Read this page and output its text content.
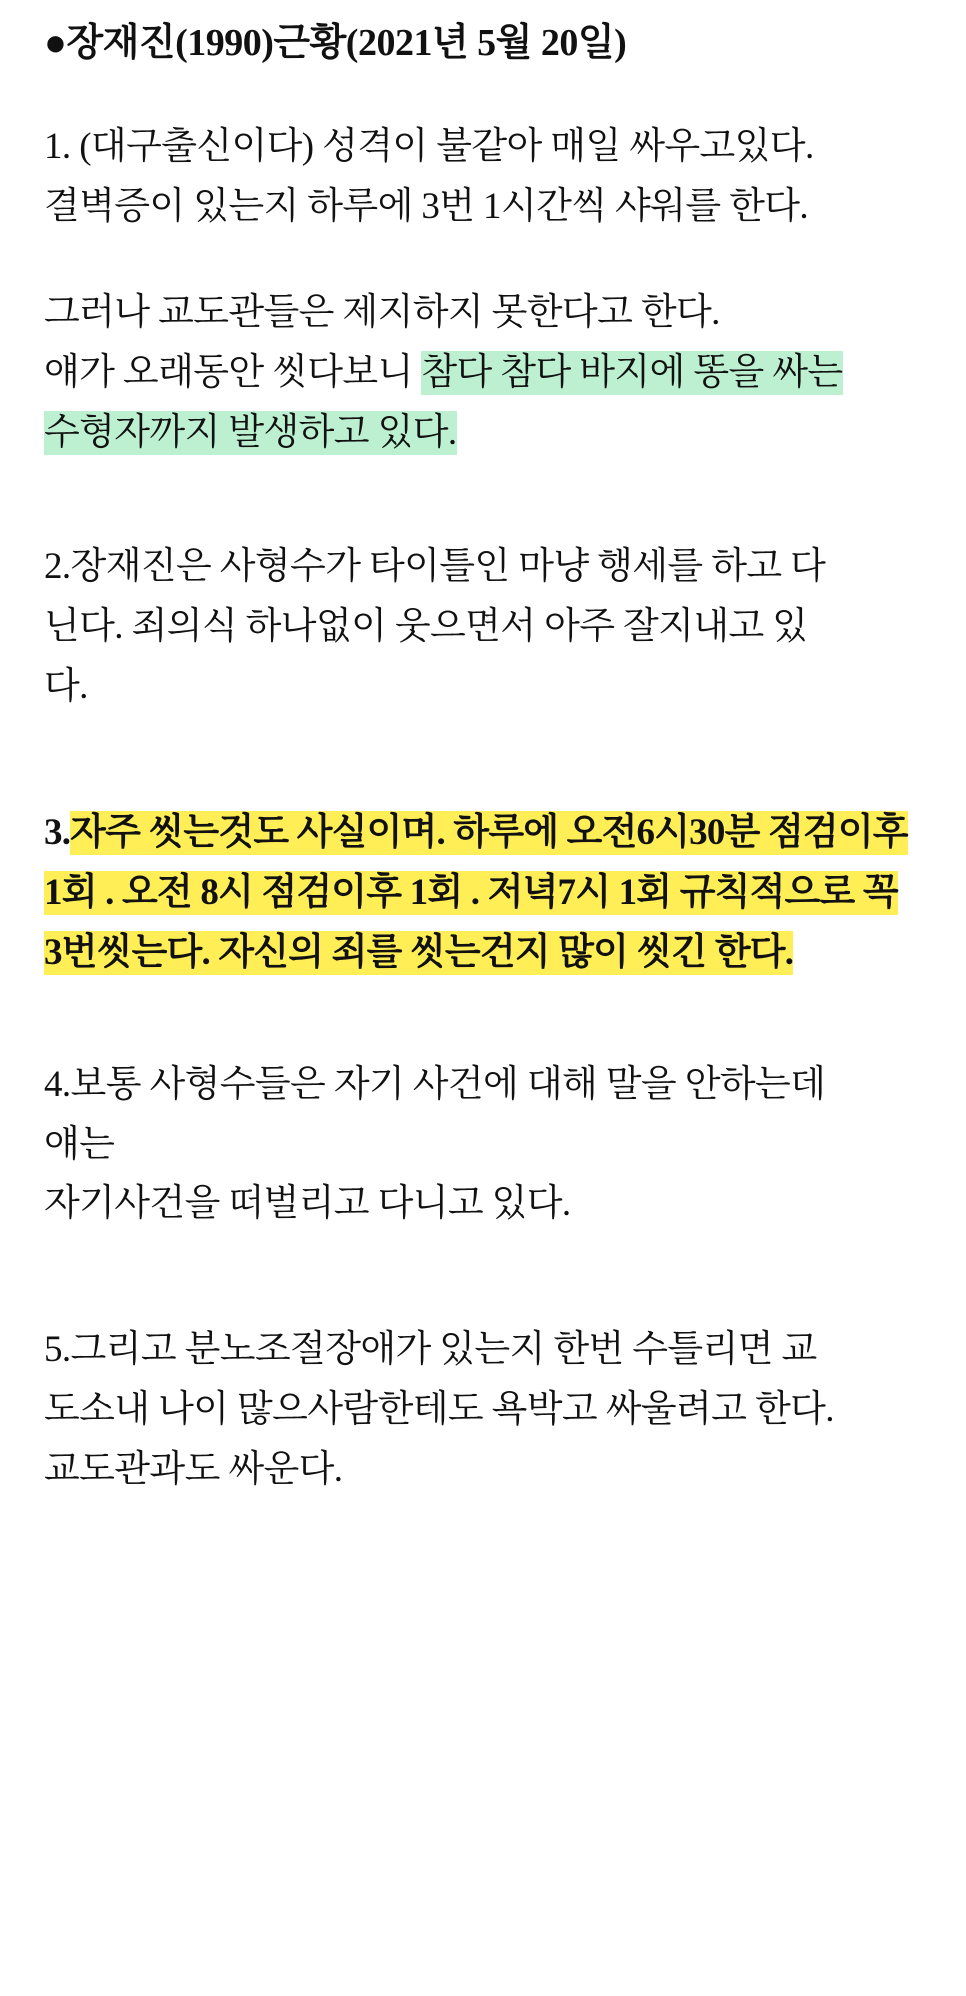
●장재진(1990)근황(2021년 5월 20일)

1. (대구출신이다) 성격이 불같아 매일 싸우고있다.
결벽증이 있는지 하루에 3번 1시간씩 샤워를 한다.

그러나 교도관들은 제지하지 못한다고 한다.
얘가 오래동안 씻다보니 참다 참다 바지에 똥을 싸는 수형자까지 발생하고 있다.

2.장재진은 사형수가 타이틀인 마냥 행세를 하고 다
닌다. 죄의식 하나없이 웃으면서 아주 잘지내고 있
다.

3.자주 씻는것도 사실이며. 하루에 오전6시30분 점검이후 1회 . 오전 8시 점검이후 1회 . 저녁7시 1회 규칙적으로 꼭 3번씻는다. 자신의 죄를 씻는건지 많이 씻긴 한다.

4.보통 사형수들은 자기 사건에 대해 말을 안하는데
얘는
자기사건을 떠벌리고 다니고 있다.

5.그리고 분노조절장애가 있는지 한번 수틀리면 교
도소내 나이 많으사람한테도 욕박고 싸울려고 한다.
교도관과도 싸운다.
